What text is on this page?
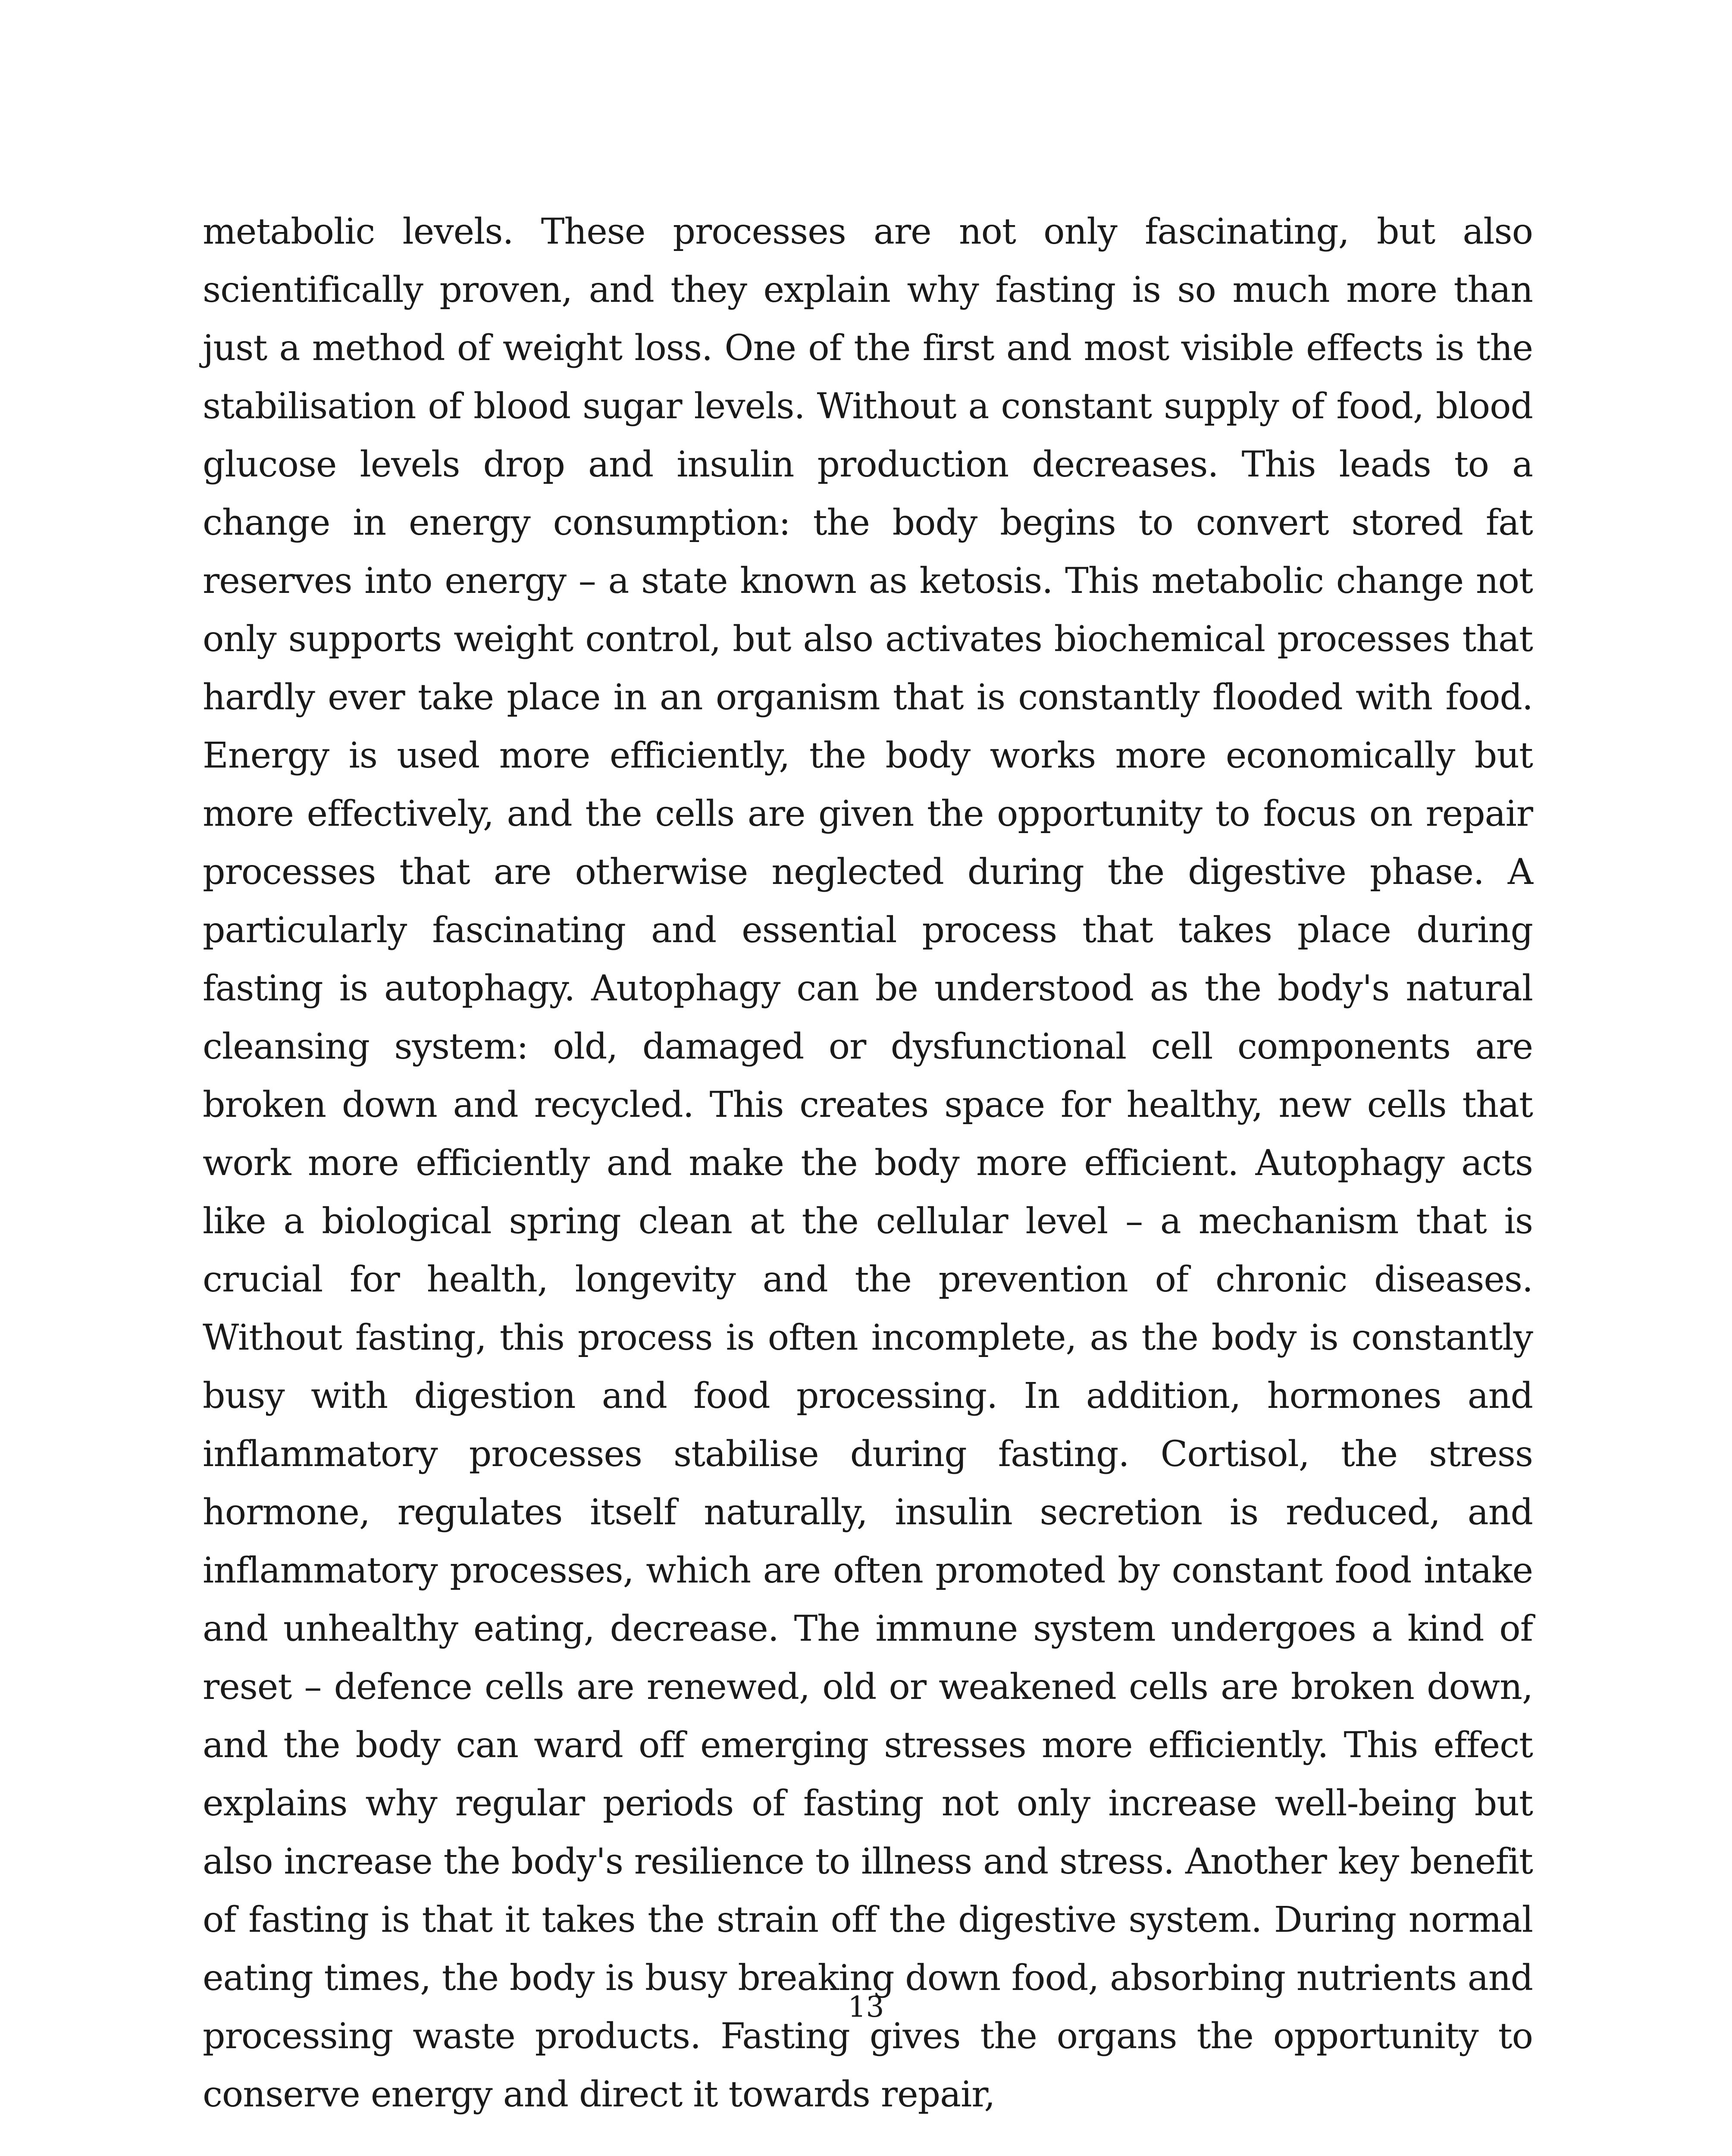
metabolic levels. These processes are not only fascinating, but also scientifically proven, and they explain why fasting is so much more than just a method of weight loss. One of the first and most visible effects is the stabilisation of blood sugar levels. Without a constant supply of food, blood glucose levels drop and insulin production decreases. This leads to a change in energy consumption: the body begins to convert stored fat reserves into energy – a state known as ketosis. This metabolic change not only supports weight control, but also activates biochemical processes that hardly ever take place in an organism that is constantly flooded with food. Energy is used more efficiently, the body works more economically but more effectively, and the cells are given the opportunity to focus on repair processes that are otherwise neglected during the digestive phase. A particularly fascinating and essential process that takes place during fasting is autophagy. Autophagy can be understood as the body's natural cleansing system: old, damaged or dysfunctional cell components are broken down and recycled. This creates space for healthy, new cells that work more efficiently and make the body more efficient. Autophagy acts like a biological spring clean at the cellular level – a mechanism that is crucial for health, longevity and the prevention of chronic diseases. Without fasting, this process is often incomplete, as the body is constantly busy with digestion and food processing. In addition, hormones and inflammatory processes stabilise during fasting. Cortisol, the stress hormone, regulates itself naturally, insulin secretion is reduced, and inflammatory processes, which are often promoted by constant food intake and unhealthy eating, decrease. The immune system undergoes a kind of reset – defence cells are renewed, old or weakened cells are broken down, and the body can ward off emerging stresses more efficiently. This effect explains why regular periods of fasting not only increase well-being but also increase the body's resilience to illness and stress. Another key benefit of fasting is that it takes the strain off the digestive system. During normal eating times, the body is busy breaking down food, absorbing nutrients and processing waste products. Fasting gives the organs the opportunity to conserve energy and direct it towards repair,

13
